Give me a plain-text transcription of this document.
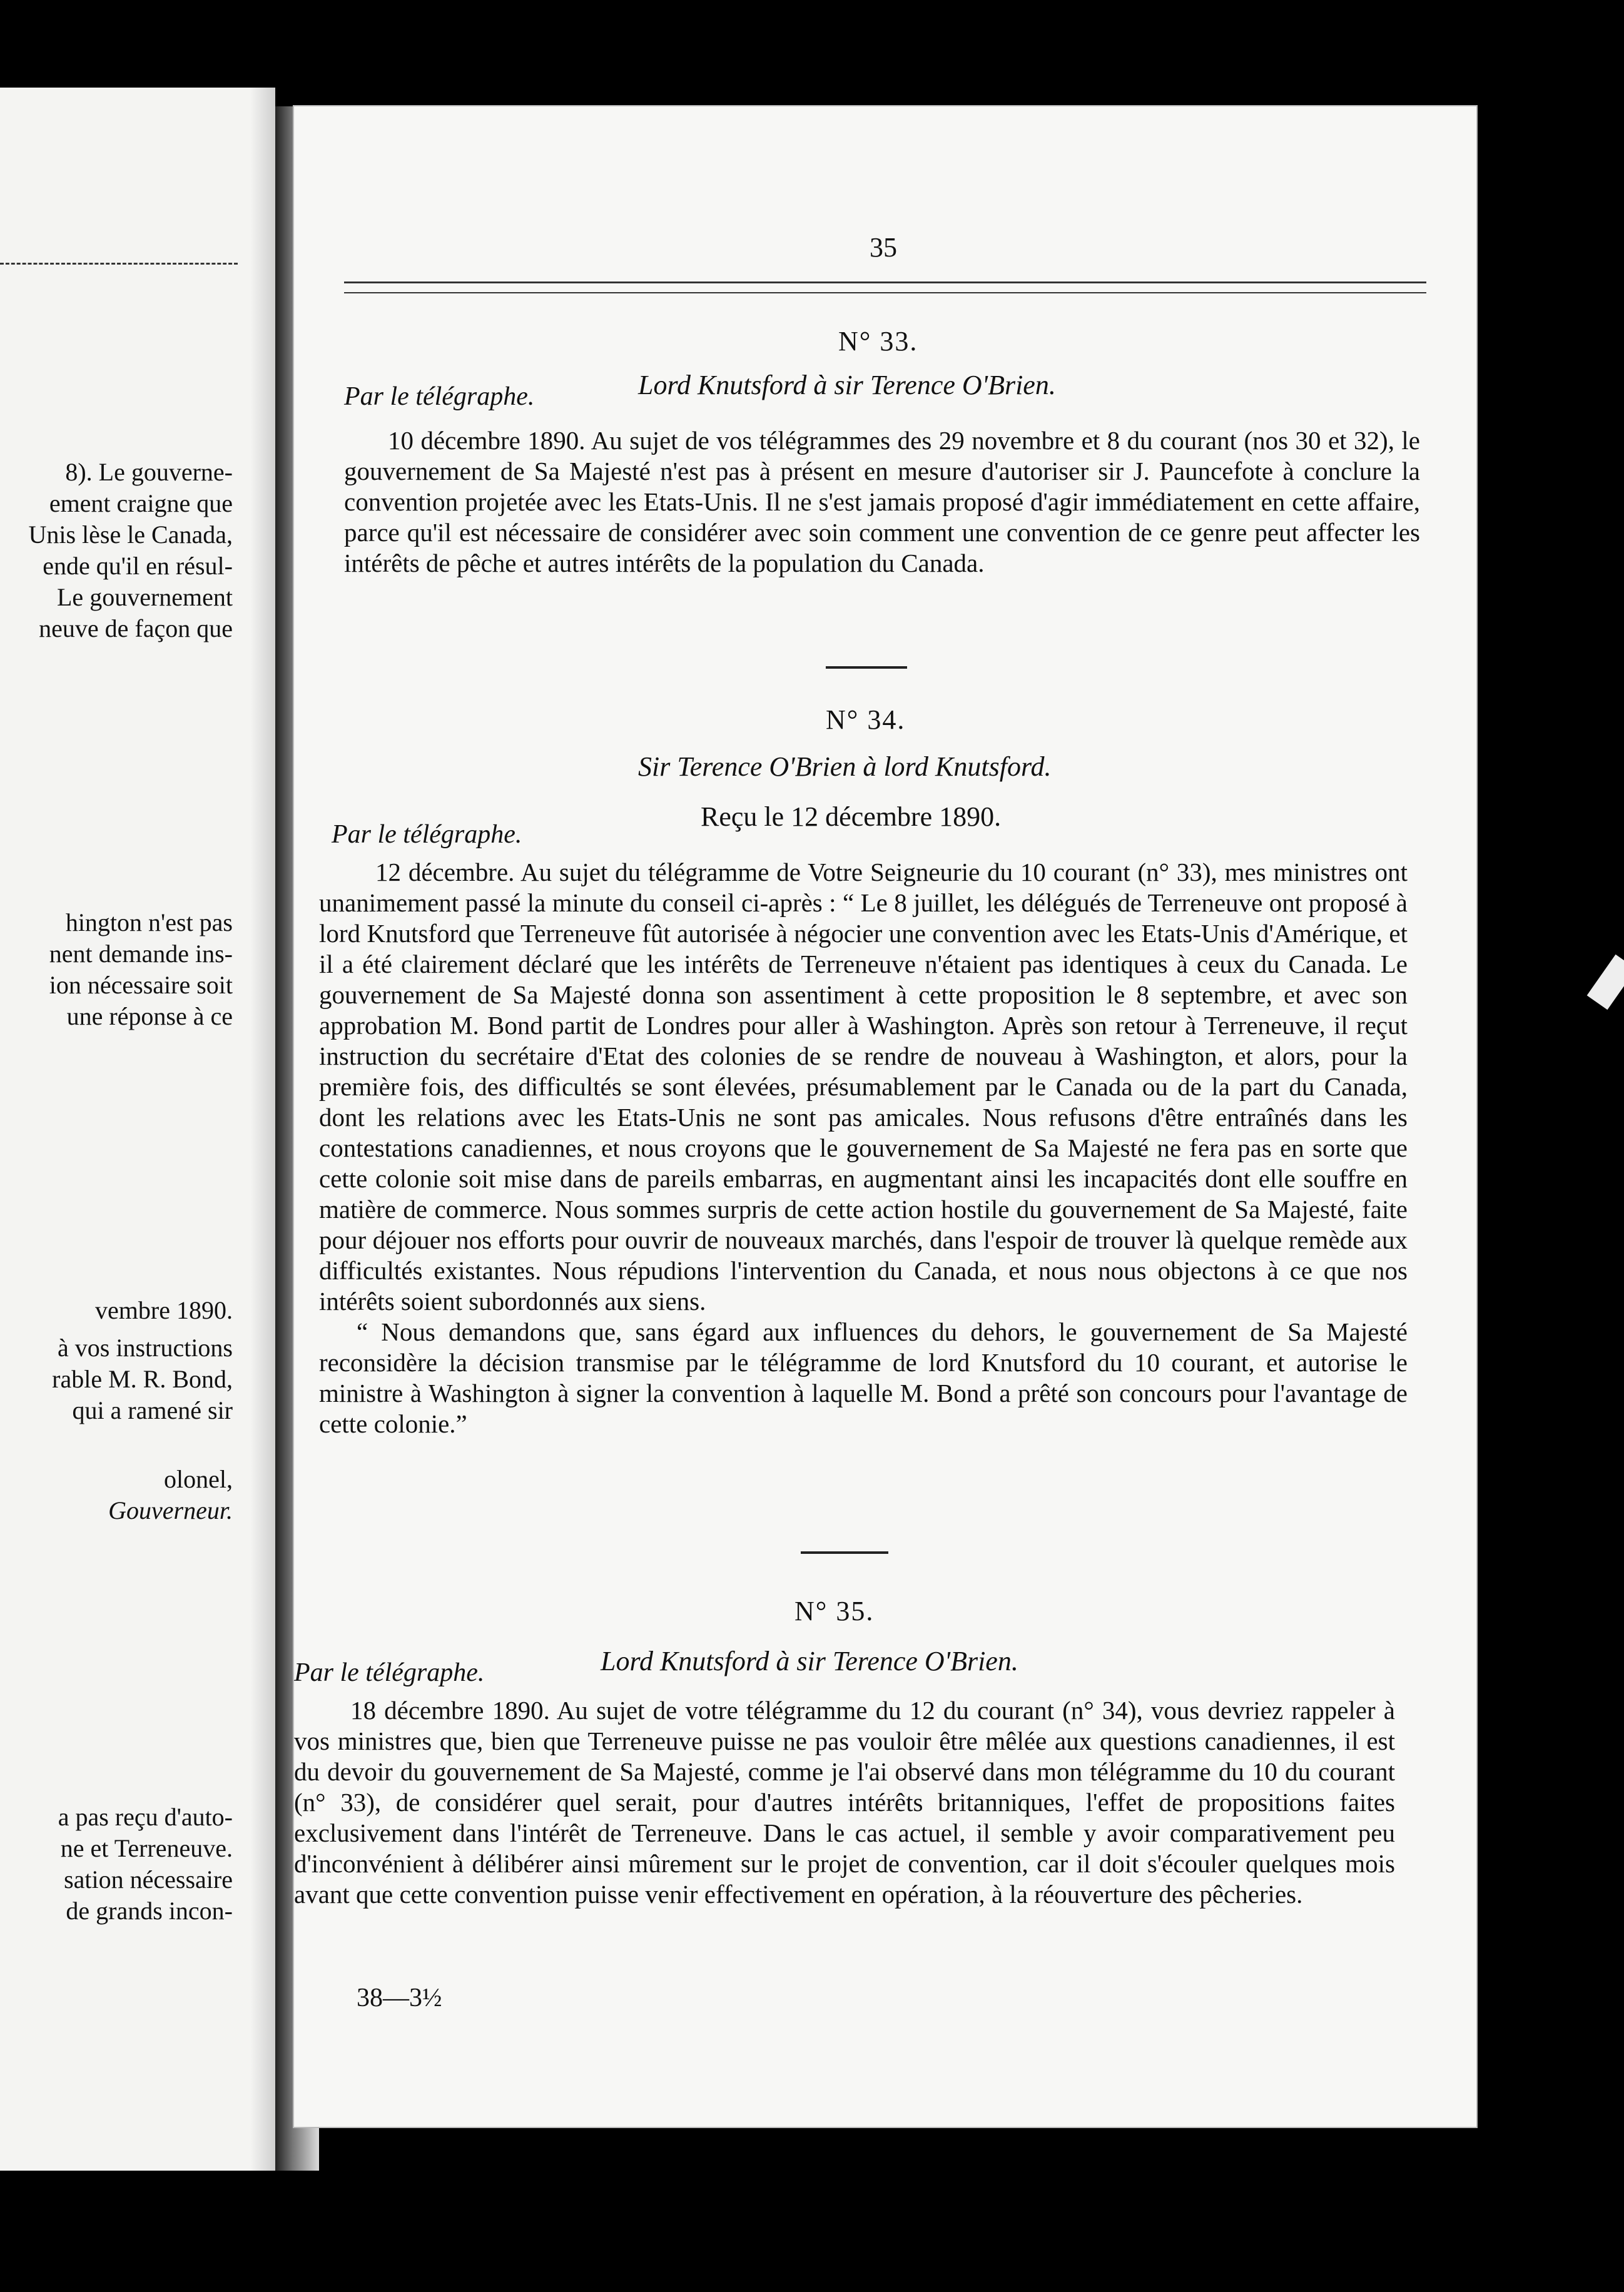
8). Le gouverne-
ement craigne que
Unis lèse le Canada,
ende qu'il en résul-
Le gouvernement
neuve de façon que
hington n'est pas
nent demande ins-
ion nécessaire soit
une réponse à ce
vembre 1890.
à vos instructions
rable M. R. Bond,
qui a ramené sir
olonel,
Gouverneur.
a pas reçu d'auto-
ne et Terreneuve.
sation nécessaire
de grands incon-
35
N° 33.
Par le télégraphe.	Lord Knutsford à sir Terence O'Brien.

10 décembre 1890. Au sujet de vos télégrammes des 29 novembre et 8 du courant (nos 30 et 32), le gouvernement de Sa Majesté n'est pas à présent en mesure d'autoriser sir J. Pauncefote à conclure la convention projetée avec les Etats-Unis. Il ne s'est jamais proposé d'agir immédiatement en cette affaire, parce qu'il est nécessaire de considérer avec soin comment une convention de ce genre peut affecter les intérêts de pêche et autres intérêts de la population du Canada.

N° 34.
Sir Terence O'Brien à lord Knutsford.
Reçu le 12 décembre 1890.
Par le télégraphe.

12 décembre. Au sujet du télégramme de Votre Seigneurie du 10 courant (n° 33), mes ministres ont unanimement passé la minute du conseil ci-après : “ Le 8 juillet, les délégués de Terreneuve ont proposé à lord Knutsford que Terreneuve fût autorisée à négocier une convention avec les Etats-Unis d'Amérique, et il a été clairement déclaré que les intérêts de Terreneuve n'étaient pas identiques à ceux du Canada. Le gouvernement de Sa Majesté donna son assentiment à cette proposition le 8 septembre, et avec son approbation M. Bond partit de Londres pour aller à Washington. Après son retour à Terreneuve, il reçut instruction du secrétaire d'Etat des colonies de se rendre de nouveau à Washington, et alors, pour la première fois, des difficultés se sont élevées, présumablement par le Canada ou de la part du Canada, dont les relations avec les Etats-Unis ne sont pas amicales. Nous refusons d'être entraînés dans les contestations canadiennes, et nous croyons que le gouvernement de Sa Majesté ne fera pas en sorte que cette colonie soit mise dans de pareils embarras, en augmentant ainsi les incapacités dont elle souffre en matière de commerce. Nous sommes surpris de cette action hostile du gouvernement de Sa Majesté, faite pour déjouer nos efforts pour ouvrir de nouveaux marchés, dans l'espoir de trouver là quelque remède aux difficultés existantes. Nous répudions l'intervention du Canada, et nous nous objectons à ce que nos intérêts soient subordonnés aux siens.

“ Nous demandons que, sans égard aux influences du dehors, le gouvernement de Sa Majesté reconsidère la décision transmise par le télégramme de lord Knutsford du 10 courant, et autorise le ministre à Washington à signer la convention à laquelle M. Bond a prêté son concours pour l'avantage de cette colonie.”

N° 35.
Lord Knutsford à sir Terence O'Brien.
Par le télégraphe.

18 décembre 1890. Au sujet de votre télégramme du 12 du courant (n° 34), vous devriez rappeler à vos ministres que, bien que Terreneuve puisse ne pas vouloir être mêlée aux questions canadiennes, il est du devoir du gouvernement de Sa Majesté, comme je l'ai observé dans mon télégramme du 10 du courant (n° 33), de considérer quel serait, pour d'autres intérêts britanniques, l'effet de propositions faites exclusivement dans l'intérêt de Terreneuve. Dans le cas actuel, il semble y avoir comparativement peu d'inconvénient à délibérer ainsi mûrement sur le projet de convention, car il doit s'écouler quelques mois avant que cette convention puisse venir effectivement en opération, à la réouverture des pêcheries.

38—3½
